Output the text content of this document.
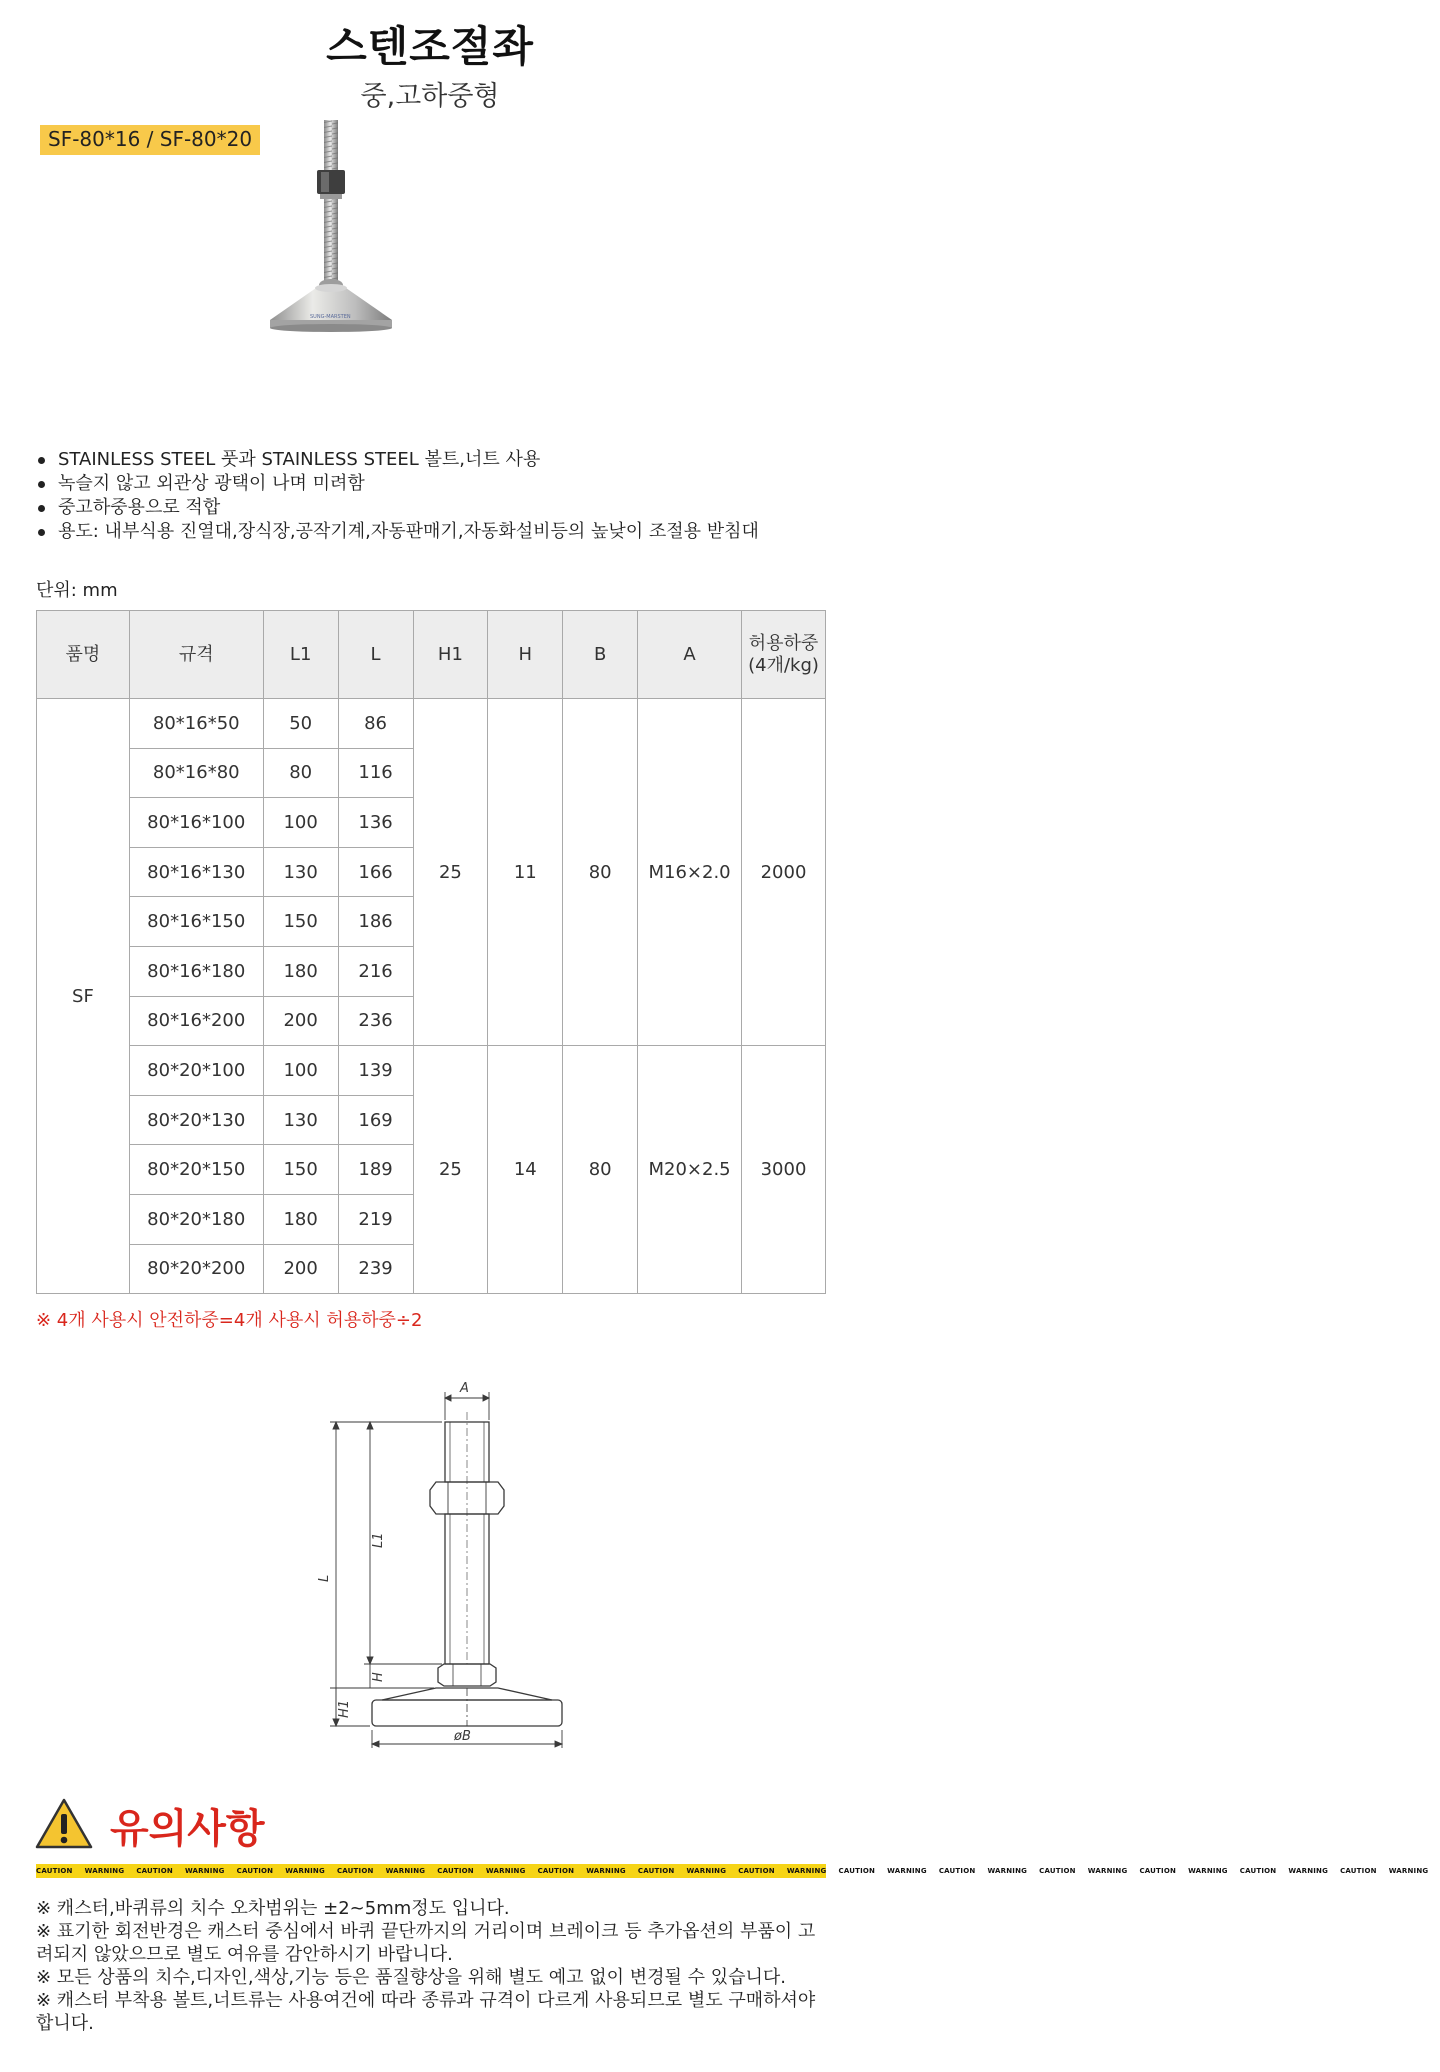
스텐조절좌
중,고하중형
SF-80*16 / SF-80*20
SUNG-MARSTEN
STAINLESS STEEL 풋과 STAINLESS STEEL 볼트,너트 사용
녹슬지 않고 외관상 광택이 나며 미려함
중고하중용으로 적합
용도: 내부식용 진열대,장식장,공작기계,자동판매기,자동화설비등의 높낮이 조절용 받침대
단위: mm
품명	규격	L1	L	H1	H	B	A	허용하중
(4개/kg)
SF	80*16*50	50	86	25	11	80	M16×2.0	2000
	80*16*80	80	116					
	80*16*100	100	136					
	80*16*130	130	166					
	80*16*150	150	186					
	80*16*180	180	216					
	80*16*200	200	236					
	80*20*100	100	139	25	14	80	M20×2.5	3000
	80*20*130	130	169					
	80*20*150	150	189					
	80*20*180	180	219					
	80*20*200	200	239					
※ 4개 사용시 안전하중=4개 사용시 허용하중÷2
A
L1
L
H
H1
øB
유의사항
CAUTION WARNING CAUTION WARNING CAUTION WARNING CAUTION WARNING CAUTION WARNING CAUTION WARNING CAUTION WARNING CAUTION WARNING CAUTION WARNING CAUTION WARNING CAUTION WARNING CAUTION WARNING CAUTION WARNING CAUTION WARNING

※ 캐스터,바퀴류의 치수 오차범위는 ±2~5mm정도 입니다.

※ 표기한 회전반경은 캐스터 중심에서 바퀴 끝단까지의 거리이며 브레이크 등 추가옵션의 부품이 고려되지 않았으므로 별도 여유를 감안하시기 바랍니다.

※ 모든 상품의 치수,디자인,색상,기능 등은 품질향상을 위해 별도 예고 없이 변경될 수 있습니다.

※ 캐스터 부착용 볼트,너트류는 사용여건에 따라 종류과 규격이 다르게 사용되므로 별도 구매하셔야 합니다.
